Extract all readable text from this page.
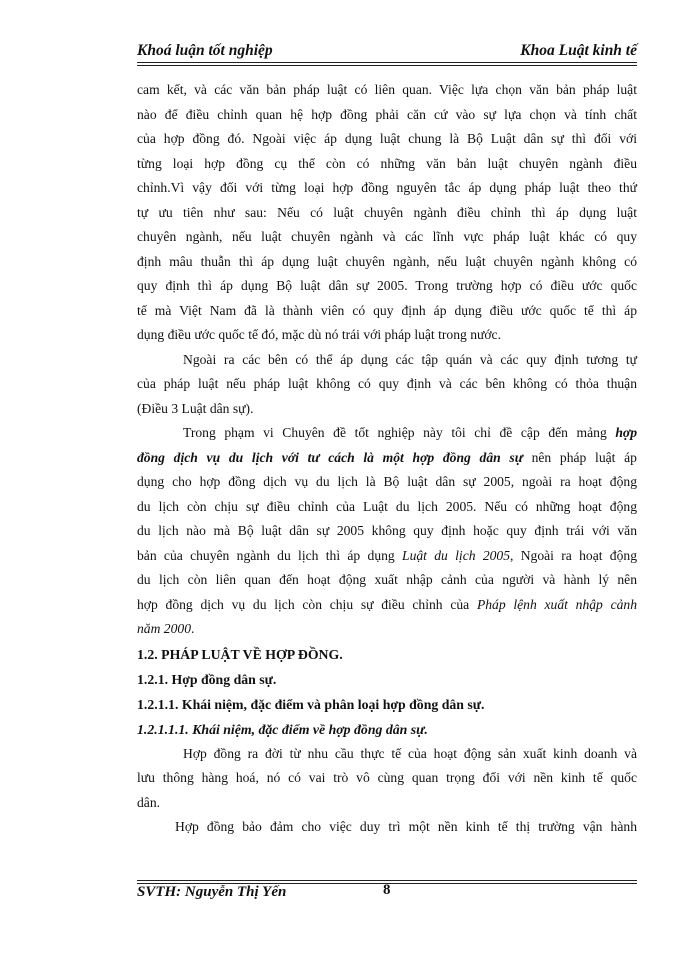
Khoá luận tốt nghiệp	Khoa Luật kinh tế
cam kết, và các văn bản pháp luật có liên quan. Việc lựa chọn văn bản pháp luật
nào để điều chỉnh quan hệ hợp đồng phải căn cứ vào sự lựa chọn và tính chất
của hợp đồng đó. Ngoài việc áp dụng luật chung là Bộ Luật dân sự thì đối với
từng loại hợp đồng cụ thể còn có những văn bản luật chuyên ngành điều
chỉnh.Vì vậy đối với từng loại hợp đồng nguyên tắc áp dụng pháp luật theo thứ
tự ưu tiên như sau: Nếu có luật chuyên ngành điều chỉnh thì áp dụng luật
chuyên ngành, nếu luật chuyên ngành và các lĩnh vực pháp luật khác có quy
định mâu thuẫn thì áp dụng luật chuyên ngành, nếu luật chuyên ngành không có
quy định thì áp dụng Bộ luật dân sự 2005. Trong trường hợp có điều ước quốc
tế mà Việt Nam đã là thành viên có quy định áp dụng điều ước quốc tế thì áp
dụng điều ước quốc tế đó, mặc dù nó trái với pháp luật trong nước.
Ngoài ra các bên có thể áp dụng các tập quán và các quy định tương tự
của pháp luật nếu pháp luật không có quy định và các bên không có thỏa thuận
(Điều 3 Luật dân sự).
Trong phạm vi Chuyên đề tốt nghiệp này tôi chỉ đề cập đến mảng hợp
đồng dịch vụ du lịch với tư cách là một hợp đồng dân sự nên pháp luật áp
dụng cho hợp đồng dịch vụ du lịch là Bộ luật dân sự 2005, ngoài ra hoạt động
du lịch còn chịu sự điều chỉnh của Luật du lịch 2005. Nếu có những hoạt động
du lịch nào mà Bộ luật dân sự 2005 không quy định hoặc quy định trái với văn
bản của chuyên ngành du lịch thì áp dụng Luật du lịch 2005, Ngoài ra hoạt động
du lịch còn liên quan đến hoạt động xuất nhập cảnh của người và hành lý nên
hợp đồng dịch vụ du lịch còn chịu sự điều chỉnh của Pháp lệnh xuất nhập cảnh
năm 2000.
1.2. PHÁP LUẬT VỀ HỢP ĐỒNG.
1.2.1. Hợp đồng dân sự.
1.2.1.1. Khái niệm, đặc điểm và phân loại hợp đồng dân sự.
1.2.1.1.1. Khái niệm, đặc điểm về hợp đồng dân sự.
Hợp đồng ra đời từ nhu cầu thực tế của hoạt động sản xuất kinh doanh và
lưu thông hàng hoá, nó có vai trò vô cùng quan trọng đối với nền kinh tế quốc
dân.
Hợp đồng bảo đảm cho việc duy trì một nền kinh tế thị trường vận hành
SVTH: Nguyễn Thị Yến	8
